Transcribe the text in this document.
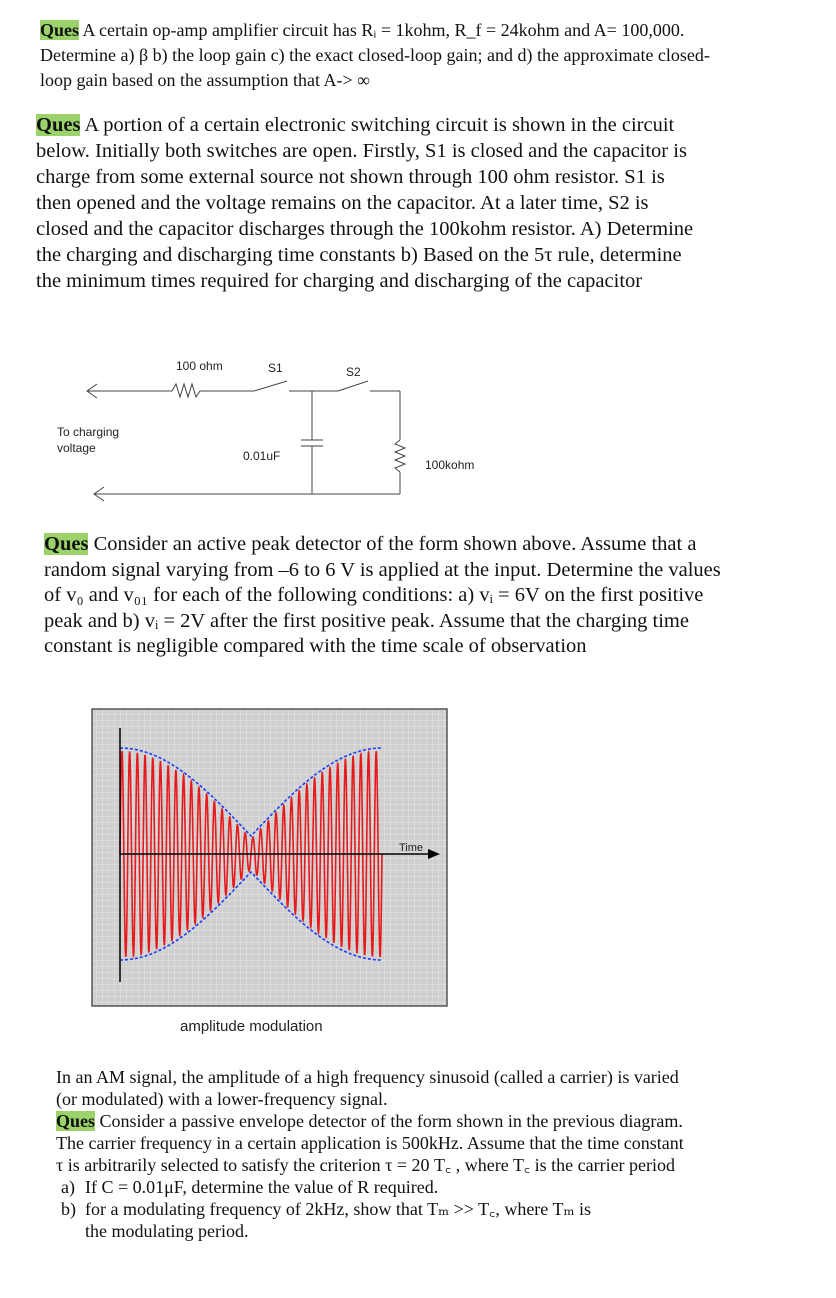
Ques A certain op-amp amplifier circuit has Rᵢ = 1kohm, R_f = 24kohm and A= 100,000. Determine a) β b) the loop gain c) the exact closed-loop gain; and d) the approximate closed-loop gain based on the assumption that A-> ∞

Ques A portion of a certain electronic switching circuit is shown in the circuit below. Initially both switches are open. Firstly, S1 is closed and the capacitor is charge from some external source not shown through 100 ohm resistor. S1 is then opened and the voltage remains on the capacitor. At a later time, S2 is closed and the capacitor discharges through the 100kohm resistor. A) Determine the charging and discharging time constants b) Based on the 5τ rule, determine the minimum times required for charging and discharging of the capacitor

100 ohm	S1	S2
To charging
voltage
0.01uF
100kohm

Ques Consider an active peak detector of the form shown above. Assume that a random signal varying from –6 to 6 V is applied at the input. Determine the values of v₀ and v₀₁ for each of the following conditions: a) vᵢ = 6V on the first positive peak and b) vᵢ = 2V after the first positive peak. Assume that the charging time constant is negligible compared with the time scale of observation

Time
amplitude modulation
In an AM signal, the amplitude of a high frequency sinusoid (called a carrier) is varied (or modulated) with a lower-frequency signal.
Ques Consider a passive envelope detector of the form shown in the previous diagram. The carrier frequency in a certain application is 500kHz. Assume that the time constant τ is arbitrarily selected to satisfy the criterion τ = 20 T꜀ , where T꜀ is the carrier period
a) If C = 0.01μF, determine the value of R required.
b) for a modulating frequency of 2kHz, show that Tₘ >> T꜀, where Tₘ is
the modulating period.
